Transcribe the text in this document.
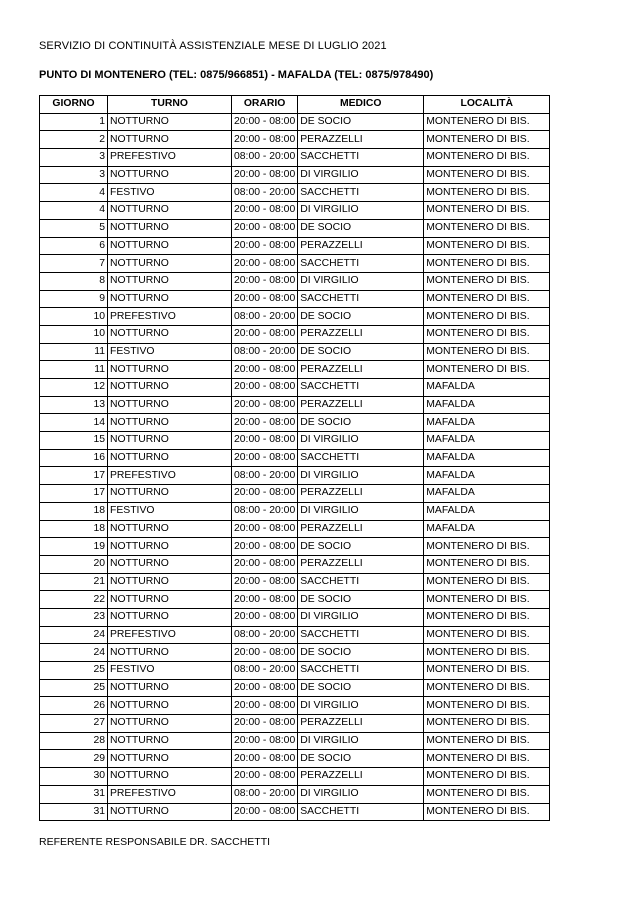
SERVIZIO DI CONTINUITÀ ASSISTENZIALE MESE DI LUGLIO 2021
PUNTO DI MONTENERO (TEL: 0875/966851) - MAFALDA (TEL: 0875/978490)
GIORNO	TURNO	ORARIO	MEDICO	LOCALITÀ
1	NOTTURNO	20:00 - 08:00	DE SOCIO	MONTENERO DI BIS.
2	NOTTURNO	20:00 - 08:00	PERAZZELLI	MONTENERO DI BIS.
3	PREFESTIVO	08:00 - 20:00	SACCHETTI	MONTENERO DI BIS.
3	NOTTURNO	20:00 - 08:00	DI VIRGILIO	MONTENERO DI BIS.
4	FESTIVO	08:00 - 20:00	SACCHETTI	MONTENERO DI BIS.
4	NOTTURNO	20:00 - 08:00	DI VIRGILIO	MONTENERO DI BIS.
5	NOTTURNO	20:00 - 08:00	DE SOCIO	MONTENERO DI BIS.
6	NOTTURNO	20:00 - 08:00	PERAZZELLI	MONTENERO DI BIS.
7	NOTTURNO	20:00 - 08:00	SACCHETTI	MONTENERO DI BIS.
8	NOTTURNO	20:00 - 08:00	DI VIRGILIO	MONTENERO DI BIS.
9	NOTTURNO	20:00 - 08:00	SACCHETTI	MONTENERO DI BIS.
10	PREFESTIVO	08:00 - 20:00	DE SOCIO	MONTENERO DI BIS.
10	NOTTURNO	20:00 - 08:00	PERAZZELLI	MONTENERO DI BIS.
11	FESTIVO	08:00 - 20:00	DE SOCIO	MONTENERO DI BIS.
11	NOTTURNO	20:00 - 08:00	PERAZZELLI	MONTENERO DI BIS.
12	NOTTURNO	20:00 - 08:00	SACCHETTI	MAFALDA
13	NOTTURNO	20:00 - 08:00	PERAZZELLI	MAFALDA
14	NOTTURNO	20:00 - 08:00	DE SOCIO	MAFALDA
15	NOTTURNO	20:00 - 08:00	DI VIRGILIO	MAFALDA
16	NOTTURNO	20:00 - 08:00	SACCHETTI	MAFALDA
17	PREFESTIVO	08:00 - 20:00	DI VIRGILIO	MAFALDA
17	NOTTURNO	20:00 - 08:00	PERAZZELLI	MAFALDA
18	FESTIVO	08:00 - 20:00	DI VIRGILIO	MAFALDA
18	NOTTURNO	20:00 - 08:00	PERAZZELLI	MAFALDA
19	NOTTURNO	20:00 - 08:00	DE SOCIO	MONTENERO DI BIS.
20	NOTTURNO	20:00 - 08:00	PERAZZELLI	MONTENERO DI BIS.
21	NOTTURNO	20:00 - 08:00	SACCHETTI	MONTENERO DI BIS.
22	NOTTURNO	20:00 - 08:00	DE SOCIO	MONTENERO DI BIS.
23	NOTTURNO	20:00 - 08:00	DI VIRGILIO	MONTENERO DI BIS.
24	PREFESTIVO	08:00 - 20:00	SACCHETTI	MONTENERO DI BIS.
24	NOTTURNO	20:00 - 08:00	DE SOCIO	MONTENERO DI BIS.
25	FESTIVO	08:00 - 20:00	SACCHETTI	MONTENERO DI BIS.
25	NOTTURNO	20:00 - 08:00	DE SOCIO	MONTENERO DI BIS.
26	NOTTURNO	20:00 - 08:00	DI VIRGILIO	MONTENERO DI BIS.
27	NOTTURNO	20:00 - 08:00	PERAZZELLI	MONTENERO DI BIS.
28	NOTTURNO	20:00 - 08:00	DI VIRGILIO	MONTENERO DI BIS.
29	NOTTURNO	20:00 - 08:00	DE SOCIO	MONTENERO DI BIS.
30	NOTTURNO	20:00 - 08:00	PERAZZELLI	MONTENERO DI BIS.
31	PREFESTIVO	08:00 - 20:00	DI VIRGILIO	MONTENERO DI BIS.
31	NOTTURNO	20:00 - 08:00	SACCHETTI	MONTENERO DI BIS.
REFERENTE RESPONSABILE DR. SACCHETTI
